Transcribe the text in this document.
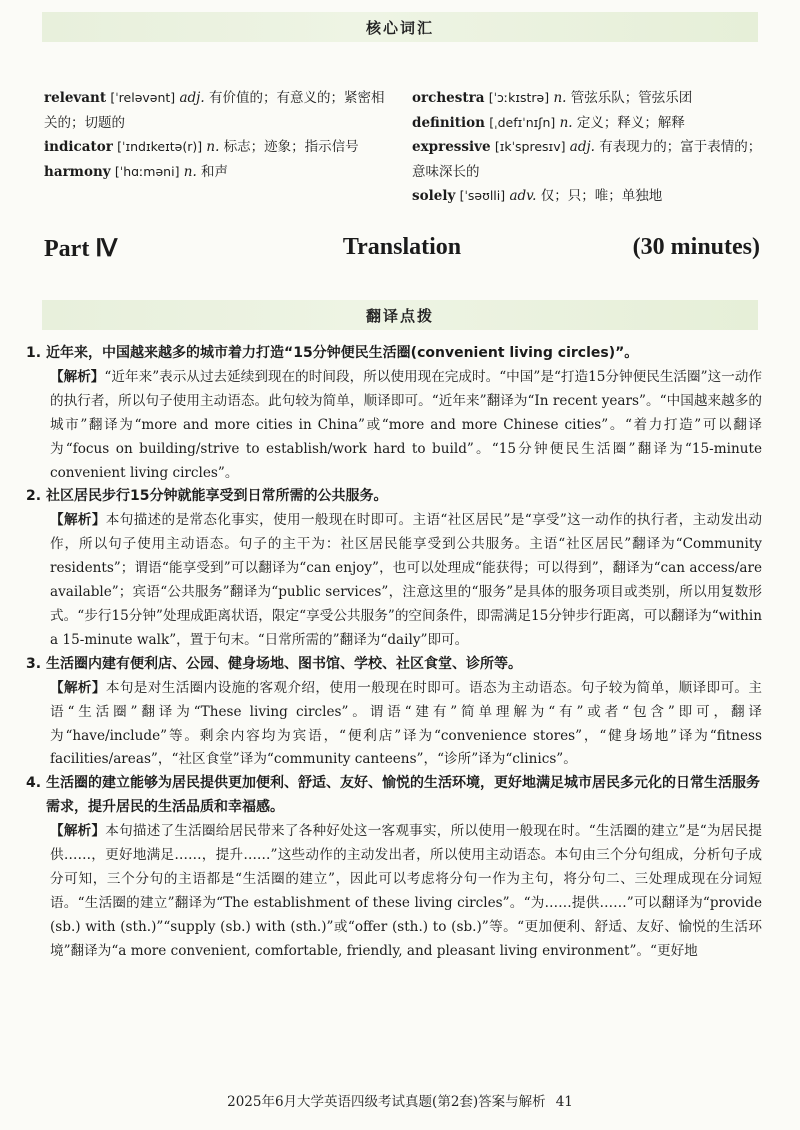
核心词汇

relevant [ˈreləvənt] adj. 有价值的；有意义的；紧密相关的；切题的

indicator [ˈɪndɪkeɪtə(r)] n. 标志；迹象；指示信号

harmony [ˈhɑːməni] n. 和声

orchestra [ˈɔːkɪstrə] n. 管弦乐队；管弦乐团

definition [ˌdefɪˈnɪʃn] n. 定义；释义；解释

expressive [ɪkˈspresɪv] adj. 有表现力的；富于表情的；意味深长的

solely [ˈsəʊlli] adv. 仅；只；唯；单独地

Part Ⅳ	Translation	(30 minutes)
翻译点拨

1. 近年来，中国越来越多的城市着力打造“15分钟便民生活圈(convenient living circles)”。

【解析】“近年来”表示从过去延续到现在的时间段，所以使用现在完成时。“中国”是“打造15分钟便民生活圈”这一动作的执行者，所以句子使用主动语态。此句较为简单，顺译即可。“近年来”翻译为“In recent years”。“中国越来越多的城市”翻译为“more and more cities in China”或“more and more Chinese cities”。“着力打造”可以翻译为“focus on building/strive to establish/work hard to build”。“15分钟便民生活圈”翻译为“15-minute convenient living circles”。

2. 社区居民步行15分钟就能享受到日常所需的公共服务。

【解析】本句描述的是常态化事实，使用一般现在时即可。主语“社区居民”是“享受”这一动作的执行者，主动发出动作，所以句子使用主动语态。句子的主干为：社区居民能享受到公共服务。主语“社区居民”翻译为“Community residents”；谓语“能享受到”可以翻译为“can enjoy”，也可以处理成“能获得；可以得到”，翻译为“can access/are available”；宾语“公共服务”翻译为“public services”，注意这里的“服务”是具体的服务项目或类别，所以用复数形式。“步行15分钟”处理成距离状语，限定“享受公共服务”的空间条件，即需满足15分钟步行距离，可以翻译为“within a 15-minute walk”，置于句末。“日常所需的”翻译为“daily”即可。

3. 生活圈内建有便利店、公园、健身场地、图书馆、学校、社区食堂、诊所等。

【解析】本句是对生活圈内设施的客观介绍，使用一般现在时即可。语态为主动语态。句子较为简单，顺译即可。主语“生活圈”翻译为“These living circles”。谓语“建有”简单理解为“有”或者“包含”即可，翻译为“have/include”等。剩余内容均为宾语，“便利店”译为“convenience stores”，“健身场地”译为“fitness facilities/areas”，“社区食堂”译为“community canteens”，“诊所”译为“clinics”。

4. 生活圈的建立能够为居民提供更加便利、舒适、友好、愉悦的生活环境，更好地满足城市居民多元化的日常生活服务需求，提升居民的生活品质和幸福感。

【解析】本句描述了生活圈给居民带来了各种好处这一客观事实，所以使用一般现在时。“生活圈的建立”是“为居民提供……，更好地满足……，提升……”这些动作的主动发出者，所以使用主动语态。本句由三个分句组成，分析句子成分可知，三个分句的主语都是“生活圈的建立”，因此可以考虑将分句一作为主句，将分句二、三处理成现在分词短语。“生活圈的建立”翻译为“The establishment of these living circles”。“为……提供……”可以翻译为“provide (sb.) with (sth.)”“supply (sb.) with (sth.)”或“offer (sth.) to (sb.)”等。“更加便利、舒适、友好、愉悦的生活环境”翻译为“a more convenient, comfortable, friendly, and pleasant living environment”。“更好地

2025年6月大学英语四级考试真题(第2套)答案与解析 41
